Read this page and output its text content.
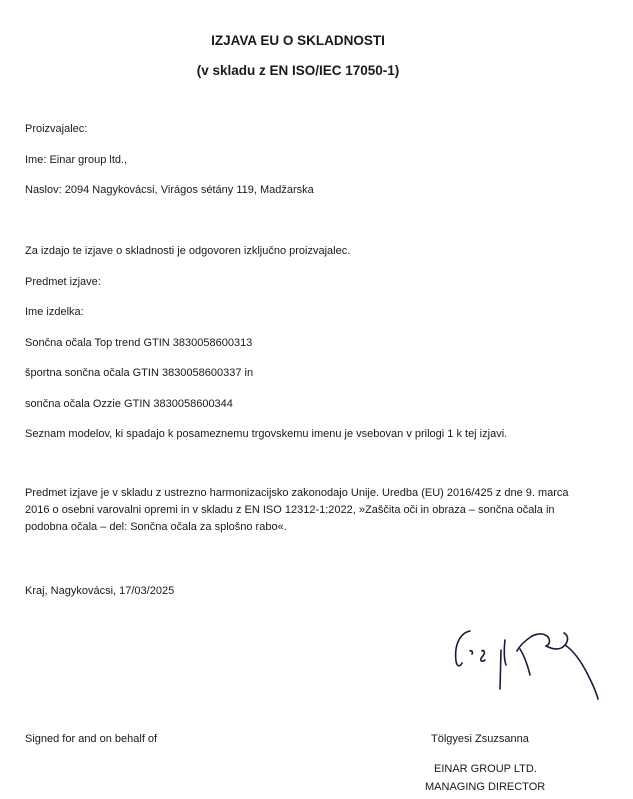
IZJAVA EU O SKLADNOSTI
(v skladu z EN ISO/IEC 17050-1)
Proizvajalec:
Ime: Einar group ltd.,
Naslov: 2094 Nagykovácsi, Virágos sétány 119, Madžarska
Za izdajo te izjave o skladnosti je odgovoren izključno proizvajalec.
Predmet izjave:
Ime izdelka:
Sončna očala Top trend GTIN 3830058600313
športna sončna očala GTIN 3830058600337 in
sončna očala Ozzie GTIN 3830058600344
Seznam modelov, ki spadajo k posameznemu trgovskemu imenu je vsebovan v prilogi 1 k tej izjavi.
Predmet izjave je v skladu z ustrezno harmonizacijsko zakonodajo Unije. Uredba (EU) 2016/425 z dne 9. marca 2016 o osebni varovalni opremi in v skladu z EN ISO 12312-1:2022, »Zaščita oči in obraza – sončna očala in podobna očala – del: Sončna očala za splošno rabo«.
Kraj, Nagykovácsi, 17/03/2025
Signed for and on behalf of	Tölgyesi Zsuzsanna
EINAR GROUP LTD.
MANAGING DIRECTOR
